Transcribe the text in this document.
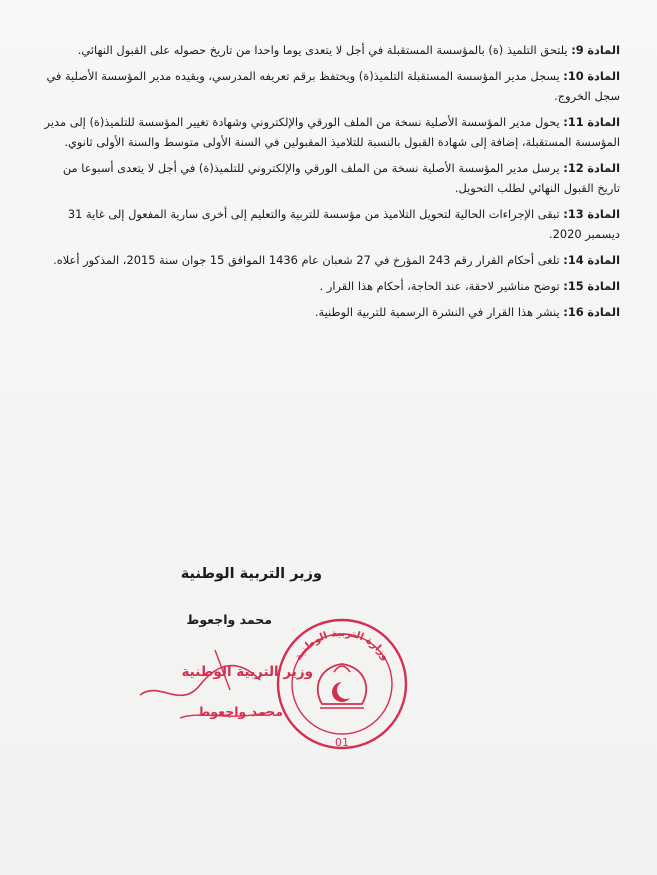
المادة 9: يلتحق التلميذ (ة) بالمؤسسة المستقبلة في أجل لا يتعدى يوما واحدا من تاريخ حصوله على القبول النهائي.

المادة 10: يسجل مدير المؤسسة المستقبلة التلميذ(ة) ويحتفظ برقم تعريفه المدرسي، ويقيده مدير المؤسسة الأصلية في سجل الخروج.

المادة 11: يحول مدير المؤسسة الأصلية نسخة من الملف الورقي والإلكتروني وشهادة تغيير المؤسسة للتلميذ(ة) إلى مدير المؤسسة المستقبلة، إضافة إلى شهادة القبول بالنسبة للتلاميذ المقبولين في السنة الأولى متوسط والسنة الأولى ثانوي.

المادة 12: يرسل مدير المؤسسة الأصلية نسخة من الملف الورقي والإلكتروني للتلميذ(ة) في أجل لا يتعدى أسبوعا من تاريخ القبول النهائي لطلب التحويل.

المادة 13: تبقى الإجراءات الحالية لتحويل التلاميذ من مؤسسة للتربية والتعليم إلى أخرى سارية المفعول إلى غاية 31 ديسمبر 2020.

المادة 14: تلغى أحكام القرار رقم 243 المؤرخ في 27 شعبان عام 1436 الموافق 15 جوان سنة 2015، المذكور أعلاه.

المادة 15: توضح مناشير لاحقة، عند الحاجة، أحكام هذا القرار .

المادة 16: ينشر هذا القرار في النشرة الرسمية للتربية الوطنية.

وزير التربية الوطنية
محمد واجعوط
وزير التربية الوطنية
محمد واجعوط
وزارة التربية الوطنية
01
